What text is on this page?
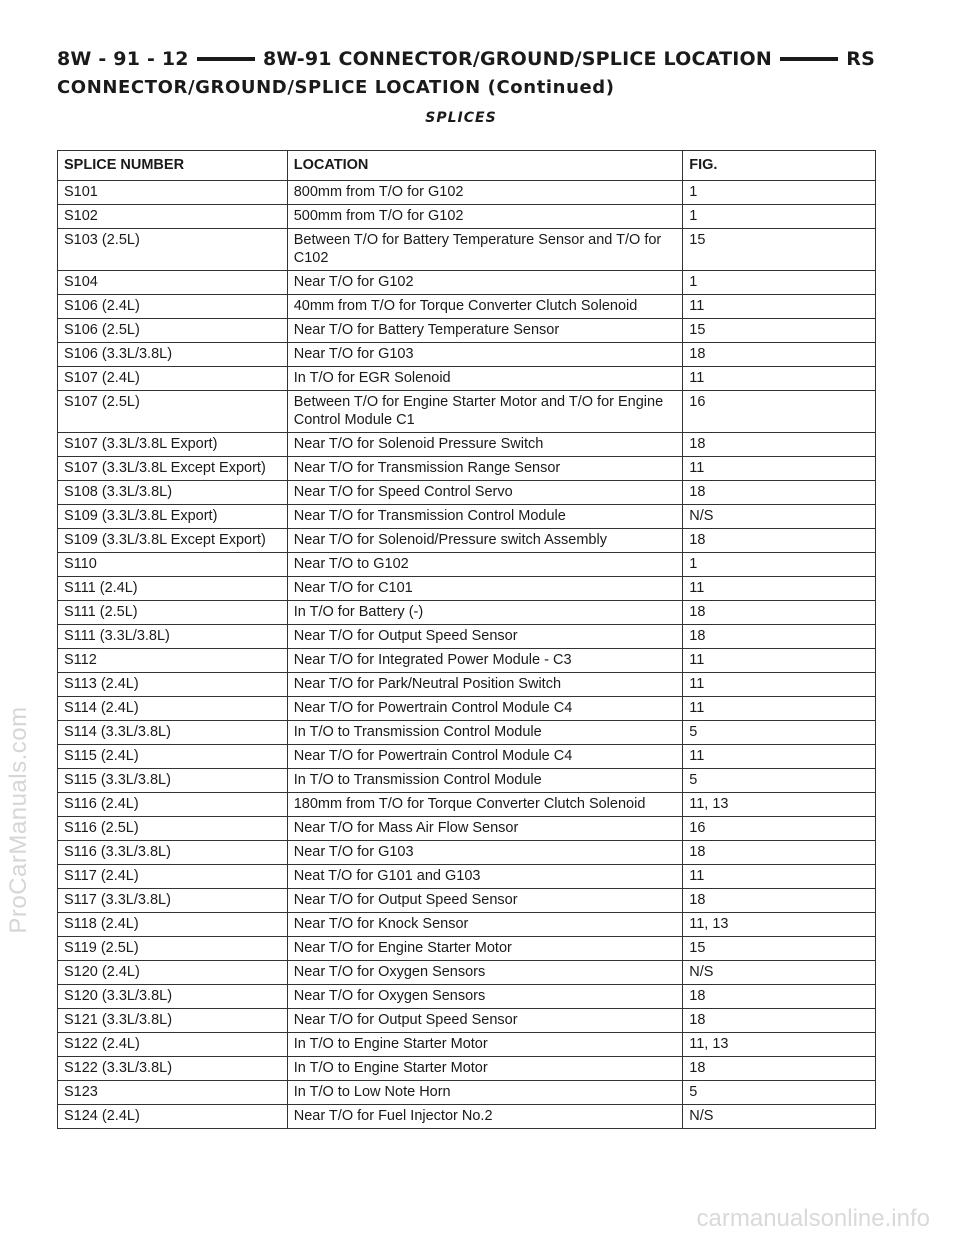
8W - 91 - 12	8W-91 CONNECTOR/GROUND/SPLICE LOCATION	RS
CONNECTOR/GROUND/SPLICE LOCATION (Continued)
SPLICES
SPLICE NUMBER	LOCATION	FIG.
S101	800mm from T/O for G102	1
S102	500mm from T/O for G102	1
S103 (2.5L)	Between T/O for Battery Temperature Sensor and T/O for C102	15
S104	Near T/O for G102	1
S106 (2.4L)	40mm from T/O for Torque Converter Clutch Solenoid	11
S106 (2.5L)	Near T/O for Battery Temperature Sensor	15
S106 (3.3L/3.8L)	Near T/O for G103	18
S107 (2.4L)	In T/O for EGR Solenoid	11
S107 (2.5L)	Between T/O for Engine Starter Motor and T/O for Engine Control Module C1	16
S107 (3.3L/3.8L Export)	Near T/O for Solenoid Pressure Switch	18
S107 (3.3L/3.8L Except Export)	Near T/O for Transmission Range Sensor	11
S108 (3.3L/3.8L)	Near T/O for Speed Control Servo	18
S109 (3.3L/3.8L Export)	Near T/O for Transmission Control Module	N/S
S109 (3.3L/3.8L Except Export)	Near T/O for Solenoid/Pressure switch Assembly	18
S110	Near T/O to G102	1
S111 (2.4L)	Near T/O for C101	11
S111 (2.5L)	In T/O for Battery (-)	18
S111 (3.3L/3.8L)	Near T/O for Output Speed Sensor	18
S112	Near T/O for Integrated Power Module - C3	11
S113 (2.4L)	Near T/O for Park/Neutral Position Switch	11
S114 (2.4L)	Near T/O for Powertrain Control Module C4	11
S114 (3.3L/3.8L)	In T/O to Transmission Control Module	5
S115 (2.4L)	Near T/O for Powertrain Control Module C4	11
S115 (3.3L/3.8L)	In T/O to Transmission Control Module	5
S116 (2.4L)	180mm from T/O for Torque Converter Clutch Solenoid	11, 13
S116 (2.5L)	Near T/O for Mass Air Flow Sensor	16
S116 (3.3L/3.8L)	Near T/O for G103	18
S117 (2.4L)	Neat T/O for G101 and G103	11
S117 (3.3L/3.8L)	Near T/O for Output Speed Sensor	18
S118 (2.4L)	Near T/O for Knock Sensor	11, 13
S119 (2.5L)	Near T/O for Engine Starter Motor	15
S120 (2.4L)	Near T/O for Oxygen Sensors	N/S
S120 (3.3L/3.8L)	Near T/O for Oxygen Sensors	18
S121 (3.3L/3.8L)	Near T/O for Output Speed Sensor	18
S122 (2.4L)	In T/O to Engine Starter Motor	11, 13
S122 (3.3L/3.8L)	In T/O to Engine Starter Motor	18
S123	In T/O to Low Note Horn	5
S124 (2.4L)	Near T/O for Fuel Injector No.2	N/S
ProCarManuals.com
carmanualsonline.info
